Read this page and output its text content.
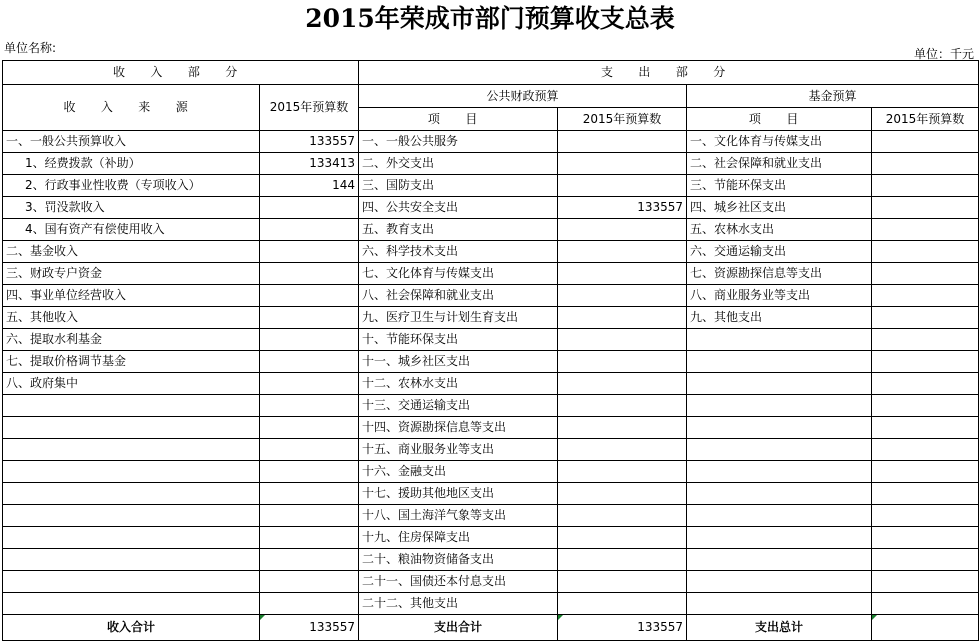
2015年荣成市部门预算收支总表
单位名称:	单位：千元
收 入 部 分		支 出 部 分			
收 入 来 源	2015年预算数	公共财政预算		基金预算	
		项 目	2015年预算数	项 目	2015年预算数
一、一般公共预算收入	133557	一、一般公共服务		一、文化体育与传媒支出	
1、经费拨款（补助）	133413	二、外交支出		二、社会保障和就业支出	
2、行政事业性收费（专项收入）	144	三、国防支出		三、节能环保支出	
3、罚没款收入		四、公共安全支出	133557	四、城乡社区支出	
4、国有资产有偿使用收入		五、教育支出		五、农林水支出	
二、基金收入		六、科学技术支出		六、交通运输支出	
三、财政专户资金		七、文化体育与传媒支出		七、资源勘探信息等支出	
四、事业单位经营收入		八、社会保障和就业支出		八、商业服务业等支出	
五、其他收入		九、医疗卫生与计划生育支出		九、其他支出	
六、提取水利基金		十、节能环保支出			
七、提取价格调节基金		十一、城乡社区支出			
八、政府集中		十二、农林水支出			
		十三、交通运输支出			
		十四、资源勘探信息等支出			
		十五、商业服务业等支出			
		十六、金融支出			
		十七、援助其他地区支出			
		十八、国土海洋气象等支出			
		十九、住房保障支出			
		二十、粮油物资储备支出			
		二十一、国债还本付息支出			
		二十二、其他支出			
收入合计	133557	支出合计	133557	支出总计	
